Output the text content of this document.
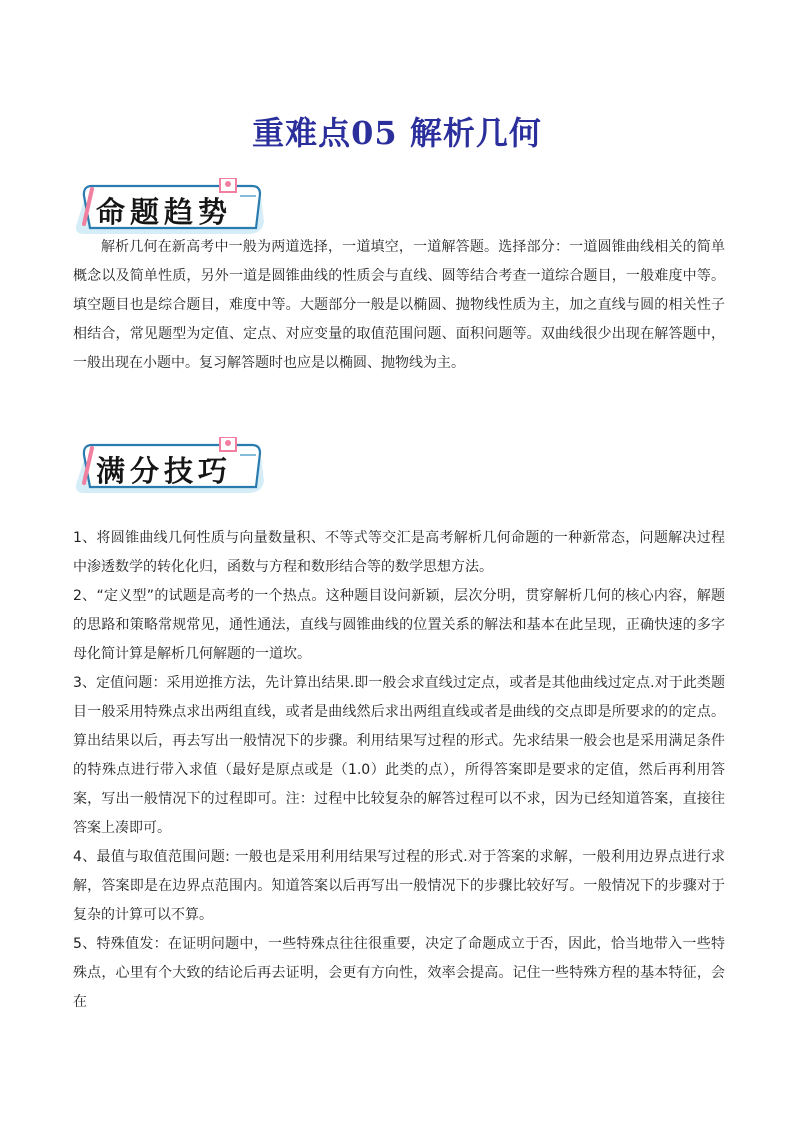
重难点05 解析几何
命题趋势
解析几何在新高考中一般为两道选择，一道填空，一道解答题。选择部分：一道圆锥曲线相关的简单概念以及简单性质，另外一道是圆锥曲线的性质会与直线、圆等结合考查一道综合题目，一般难度中等。填空题目也是综合题目，难度中等。大题部分一般是以椭圆、抛物线性质为主，加之直线与圆的相关性子相结合，常见题型为定值、定点、对应变量的取值范围问题、面积问题等。双曲线很少出现在解答题中，一般出现在小题中。复习解答题时也应是以椭圆、抛物线为主。
满分技巧

1、将圆锥曲线几何性质与向量数量积、不等式等交汇是高考解析几何命题的一种新常态，问题解决过程中渗透数学的转化化归，函数与方程和数形结合等的数学思想方法。

2、“定义型”的试题是高考的一个热点。这种题目设问新颖，层次分明，贯穿解析几何的核心内容，解题的思路和策略常规常见，通性通法，直线与圆锥曲线的位置关系的解法和基本在此呈现，正确快速的多字母化简计算是解析几何解题的一道坎。

3、定值问题：采用逆推方法，先计算出结果.即一般会求直线过定点，或者是其他曲线过定点.对于此类题目一般采用特殊点求出两组直线，或者是曲线然后求出两组直线或者是曲线的交点即是所要求的的定点。算出结果以后，再去写出一般情况下的步骤。利用结果写过程的形式。先求结果一般会也是采用满足条件的特殊点进行带入求值（最好是原点或是（1.0）此类的点），所得答案即是要求的定值，然后再利用答案，写出一般情况下的过程即可。注：过程中比较复杂的解答过程可以不求，因为已经知道答案，直接往答案上凑即可。

4、最值与取值范围问题: 一般也是采用利用结果写过程的形式.对于答案的求解，一般利用边界点进行求解，答案即是在边界点范围内。知道答案以后再写出一般情况下的步骤比较好写。一般情况下的步骤对于复杂的计算可以不算。

5、特殊值发：在证明问题中，一些特殊点往往很重要，决定了命题成立于否，因此，恰当地带入一些特殊点，心里有个大致的结论后再去证明，会更有方向性，效率会提高。记住一些特殊方程的基本特征，会在
